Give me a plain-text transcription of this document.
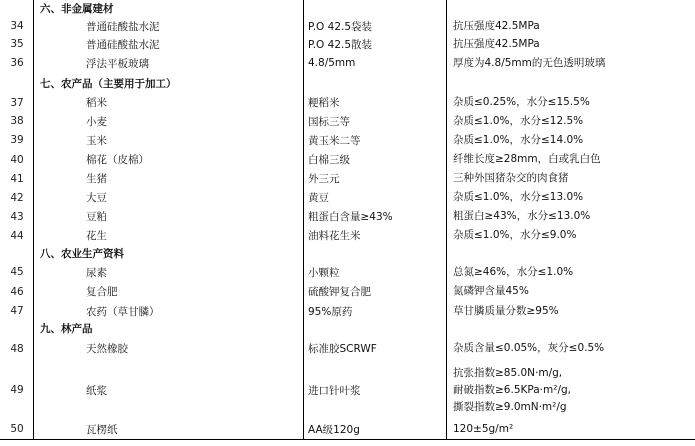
六、非金属建材
34	普通硅酸盐水泥	P.O 42.5袋装	抗压强度42.5MPa
35	普通硅酸盐水泥	P.O 42.5散装	抗压强度42.5MPa
36	浮法平板玻璃	4.8/5mm	厚度为4.8/5mm的无色透明玻璃
七、农产品（主要用于加工）
37	稻米	粳稻米	杂质≤0.25%，水分≤15.5%
38	小麦	国标三等	杂质≤1.0%，水分≤12.5%
39	玉米	黄玉米二等	杂质≤1.0%，水分≤14.0%
40	棉花（皮棉）	白棉三级	纤维长度≥28mm，白或乳白色
41	生猪	外三元	三种外国猪杂交的肉食猪
42	大豆	黄豆	杂质≤1.0%，水分≤13.0%
43	豆粕	粗蛋白含量≥43%	粗蛋白≥43%，水分≤13.0%
44	花生	油料花生米	杂质≤1.0%，水分≤9.0%
八、农业生产资料
45	尿素	小颗粒	总氮≥46%，水分≤1.0%
46	复合肥	硫酸钾复合肥	氮磷钾含量45%
47	农药（草甘膦）	95%原药	草甘膦质量分数≥95%
九、林产品
48	天然橡胶	标准胶SCRWF	杂质含量≤0.05%，灰分≤0.5%
49	纸浆	进口针叶浆
抗张指数≥85.0N·m/g,
耐破指数≥6.5KPa·m²/g,
撕裂指数≥9.0mN·m²/g
50	瓦楞纸	AA级120g	120±5g/m²
